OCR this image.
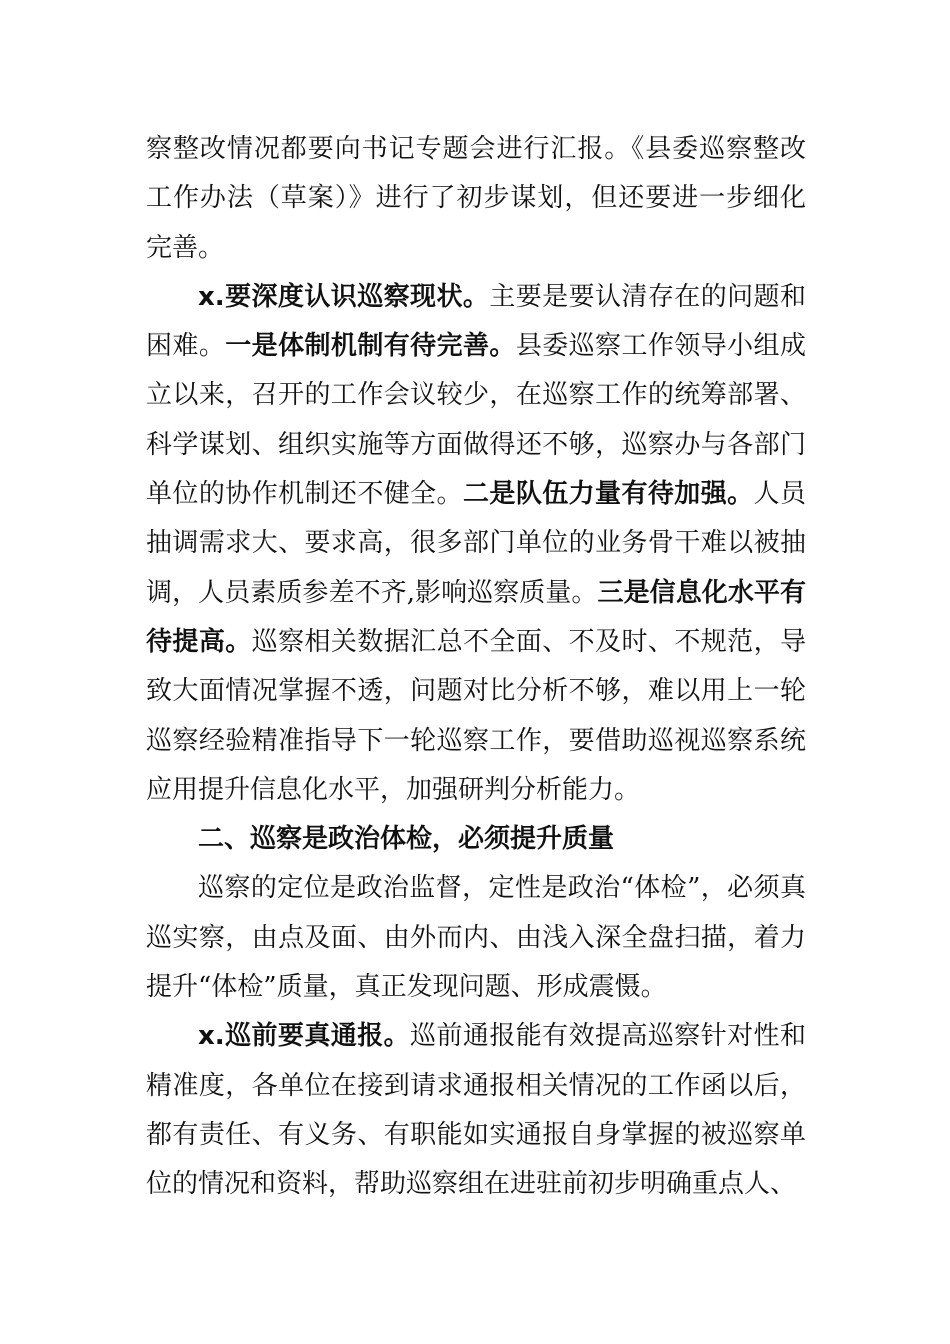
察整改情况都要向书记专题会进行汇报。《县委巡察整改工作办法（草案）》进行了初步谋划，但还要进一步细化完善。

x.要深度认识巡察现状。主要是要认清存在的问题和困难。一是体制机制有待完善。县委巡察工作领导小组成立以来，召开的工作会议较少，在巡察工作的统筹部署、科学谋划、组织实施等方面做得还不够，巡察办与各部门单位的协作机制还不健全。二是队伍力量有待加强。人员抽调需求大、要求高，很多部门单位的业务骨干难以被抽调，人员素质参差不齐,影响巡察质量。三是信息化水平有待提高。巡察相关数据汇总不全面、不及时、不规范，导致大面情况掌握不透，问题对比分析不够，难以用上一轮巡察经验精准指导下一轮巡察工作，要借助巡视巡察系统应用提升信息化水平，加强研判分析能力。

二、巡察是政治体检，必须提升质量

巡察的定位是政治监督，定性是政治“体检”，必须真巡实察，由点及面、由外而内、由浅入深全盘扫描，着力提升“体检”质量，真正发现问题、形成震慑。

x.巡前要真通报。巡前通报能有效提高巡察针对性和精准度，各单位在接到请求通报相关情况的工作函以后，都有责任、有义务、有职能如实通报自身掌握的被巡察单位的情况和资料，帮助巡察组在进驻前初步明确重点人、
